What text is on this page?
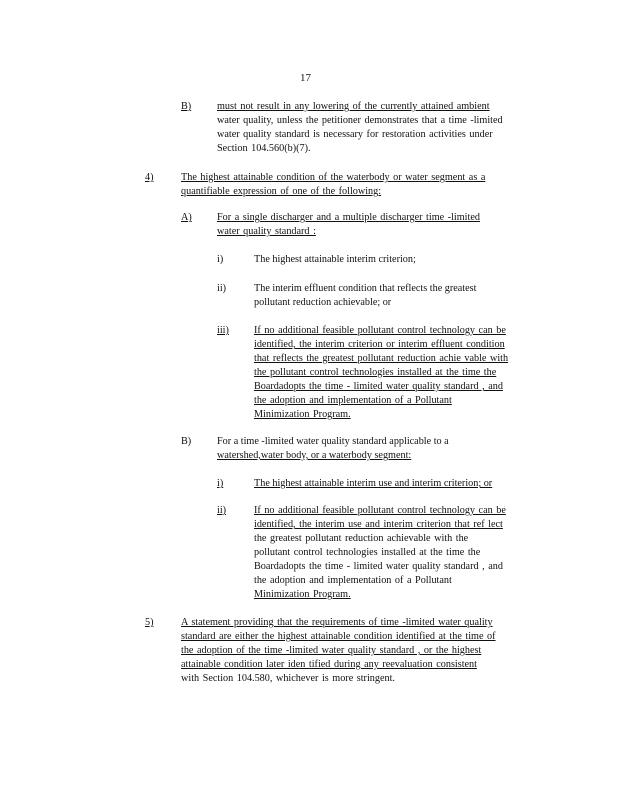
17
B)	must not result in any lowering of the currently attained ambient
water quality, unless the petitioner demonstrates that a time -limited
water quality standard is necessary for restoration activities under
Section 104.560(b)(7).
4)	The highest attainable condition of the waterbody or water segment as a
quantifiable expression of one of the following:
A) For a single discharger and a multiple discharger time -limited
water quality standard :
i)	The highest attainable interim criterion;
ii)	The interim effluent condition that reflects the greatest
pollutant reduction achievable; or
iii) If no additional feasible pollutant control technology can be
identified, the interim criterion or interim effluent condition
that reflects the greatest pollutant reduction achie vable with
the pollutant control technologies installed at the time the
Boardadopts the time - limited water quality standard , and
the adoption and implementation of a Pollutant
Minimization Program.
B)	For a time -limited water quality standard applicable to a
watershed,water body, or a waterbody segment:
i)	The highest attainable interim use and interim criterion; or
ii)	If no additional feasible pollutant control technology can be
identified, the interim use and interim criterion that ref lect
the greatest pollutant reduction achievable with the
pollutant control technologies installed at the time the
Boardadopts the time - limited water quality standard , and
the adoption and implementation of a Pollutant
Minimization Program.
5)	A statement providing that the requirements of time -limited water quality
standard are either the highest attainable condition identified at the time of
the adoption of the time -limited water quality standard , or the highest
attainable condition later iden tified during any reevaluation consistent
with Section 104.580, whichever is more stringent.
